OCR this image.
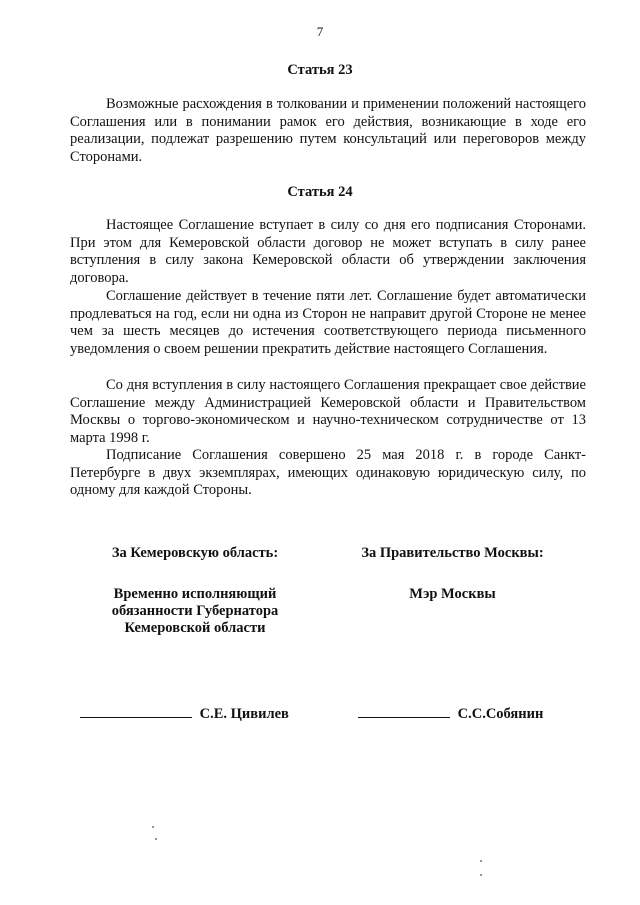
7
Статья 23

Возможные расхождения в толковании и применении положений настоящего Соглашения или в понимании рамок его действия, возникающие в ходе его реализации, подлежат разрешению путем консультаций или переговоров между Сторонами.

Статья 24

Настоящее Соглашение вступает в силу со дня его подписания Сторонами. При этом для Кемеровской области договор не может вступать в силу ранее вступления в силу закона Кемеровской области об утверждении заключения договора.

Соглашение действует в течение пяти лет. Соглашение будет автоматически продлеваться на год, если ни одна из Сторон не направит другой Стороне не менее чем за шесть месяцев до истечения соответствующего периода письменного уведомления о своем решении прекратить действие настоящего Соглашения.

Со дня вступления в силу настоящего Соглашения прекращает свое действие Соглашение между Администрацией Кемеровской области и Правительством Москвы о торгово-экономическом и научно-техническом сотрудничестве от 13 марта 1998 г.

Подписание Соглашения совершено 25 мая 2018 г. в городе Санкт-Петербурге в двух экземплярах, имеющих одинаковую юридическую силу, по одному для каждой Стороны.

За Кемеровскую область:
Временно исполняющий
обязанности Губернатора
Кемеровской области
За Правительство Москвы:
Мэр Москвы
С.Е. Цивилев	С.С.Собянин
